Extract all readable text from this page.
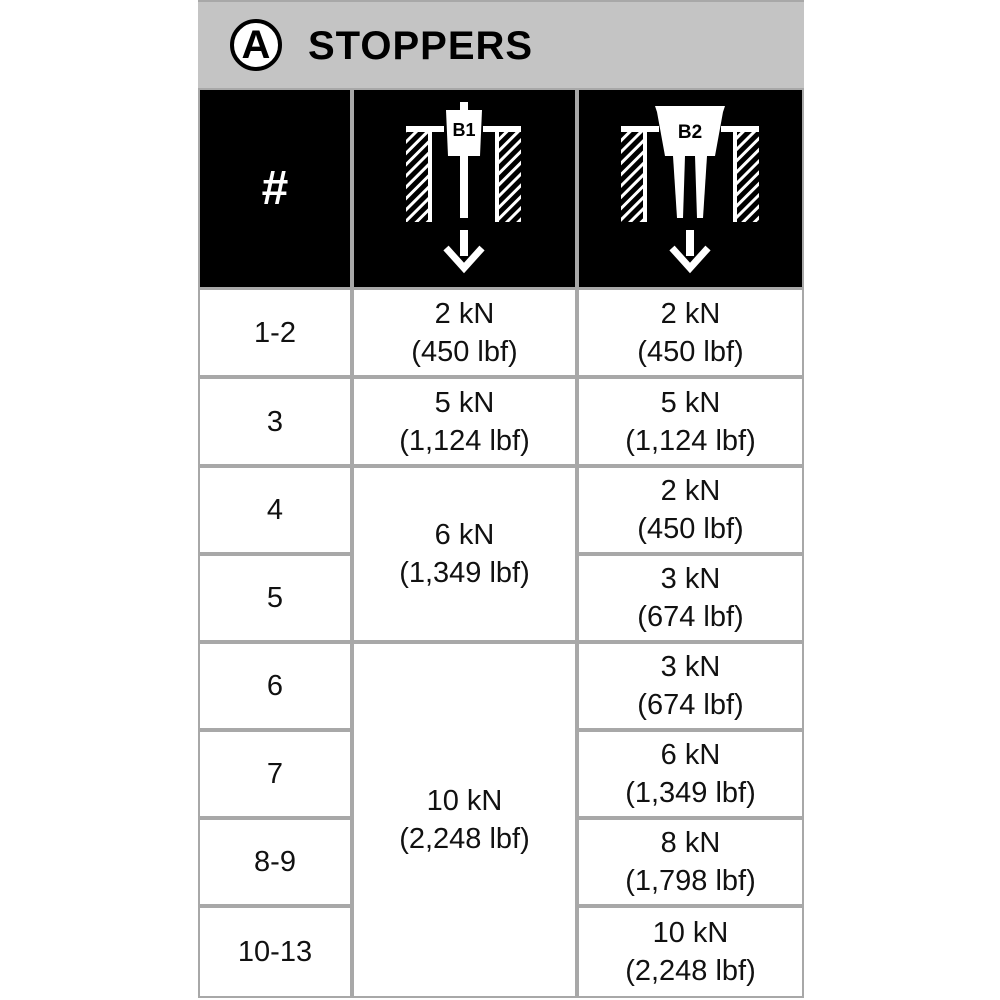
A STOPPERS
#
B1	B2
1-2
2 kN
(450 lbf)
2 kN
(450 lbf)
3
5 kN
(1,124 lbf)
5 kN
(1,124 lbf)
4
6 kN
(1,349 lbf)
2 kN
(450 lbf)
5
3 kN
(674 lbf)
6
10 kN
(2,248 lbf)
3 kN
(674 lbf)
7
6 kN
(1,349 lbf)
8-9
8 kN
(1,798 lbf)
10-13
10 kN
(2,248 lbf)
